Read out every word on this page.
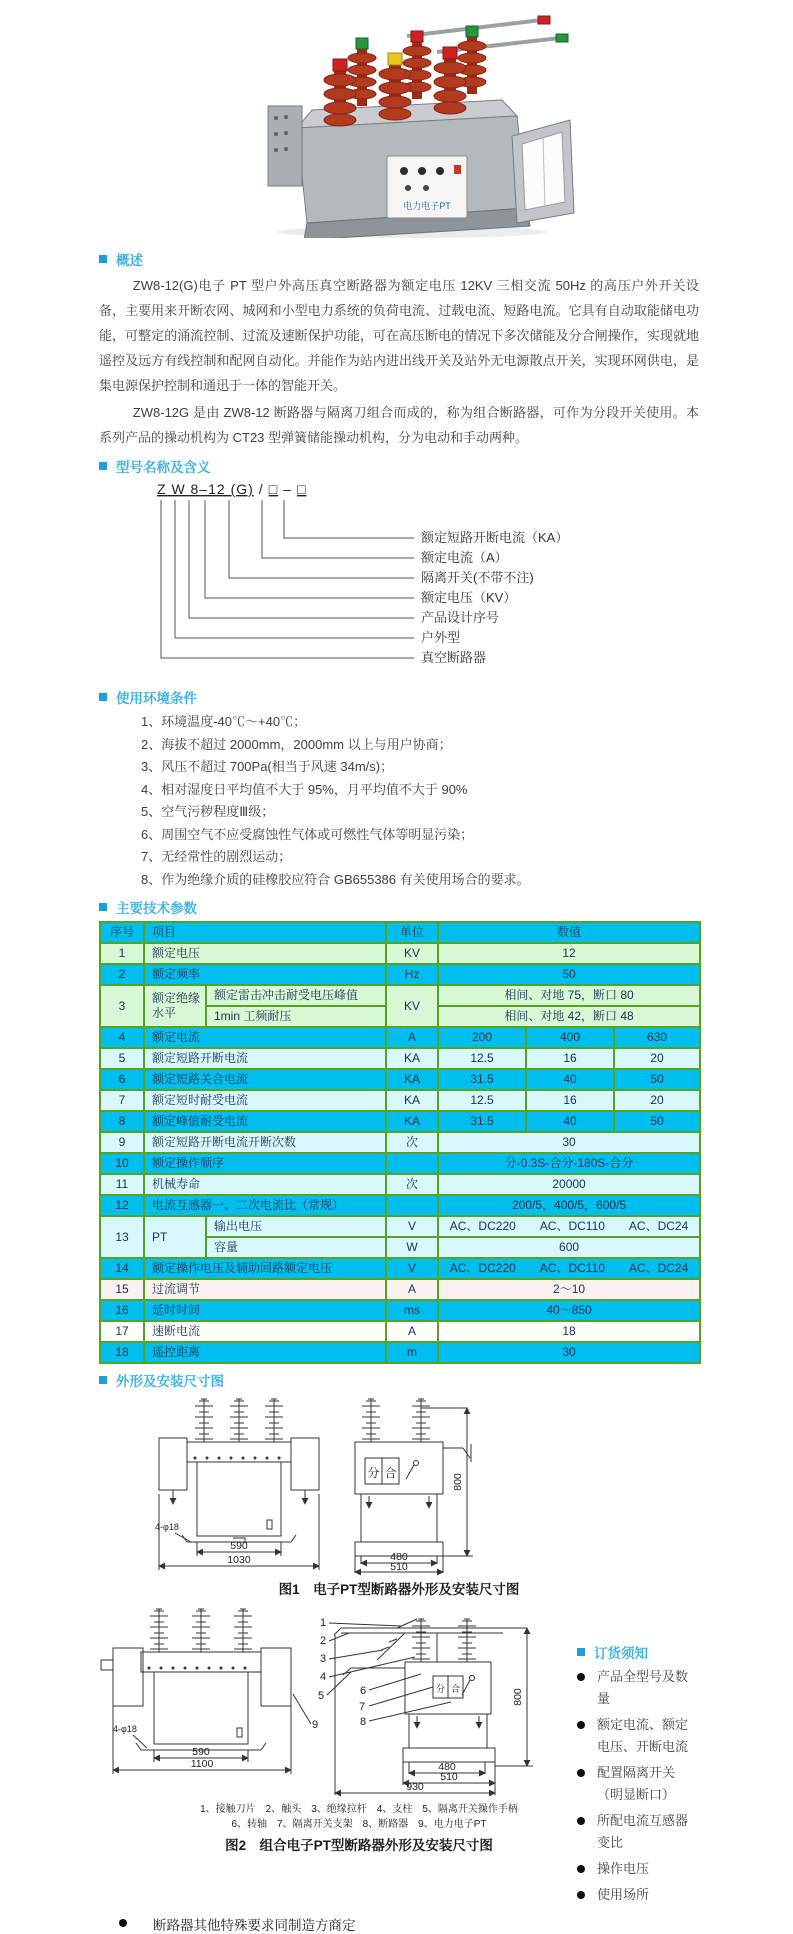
电力电子PT
概述

ZW8-12(G)电子 PT 型户外高压真空断路器为额定电压 12KV 三相交流 50Hz 的高压户外开关设备，主要用来开断农网、城网和小型电力系统的负荷电流、过载电流、短路电流。它具有自动取能储电功能，可整定的涌流控制、过流及速断保护功能，可在高压断电的情况下多次储能及分合闸操作，实现就地遥控及远方有线控制和配网自动化。并能作为站内进出线开关及站外无电源散点开关，实现环网供电，是集电源保护控制和通迅于一体的智能开关。

ZW8-12G 是由 ZW8-12 断路器与隔离刀组合而成的，称为组合断路器，可作为分段开关使用。本系列产品的操动机构为 CT23 型弹簧储能操动机构，分为电动和手动两种。

型号名称及含义
Z W 8–12 (G) / □ – □
额定短路开断电流（KA）
额定电流（A）
隔离开关(不带不注)
额定电压（KV）
产品设计序号
户外型
真空断路器
使用环境条件
1、环境温度-40℃～+40℃；
2、海拔不超过 2000mm，2000mm 以上与用户协商；
3、风压不超过 700Pa(相当于风速 34m/s)；
4、相对湿度日平均值不大于 95%，月平均值不大于 90%
5、空气污秽程度Ⅲ级；
6、周围空气不应受腐蚀性气体或可燃性气体等明显污染；
7、无经常性的剧烈运动；
8、作为绝缘介质的硅橡胶应符合 GB655386 有关使用场合的要求。
主要技术参数
序号	项目		单位	数值		
1	额定电压		KV	12		
2	额定频率		Hz	50		
3	额定绝缘水平	额定雷击冲击耐受电压峰值	KV	相间、对地 75，断口 80		
		1min 工频耐压		相间、对地 42，断口 48		
4	额定电流		A	200	400	630
5	额定短路开断电流		KA	12.5	16	20
6	额定短路关合电流		KA	31.5	40	50
7	额定短时耐受电流		KA	12.5	16	20
8	额定峰值耐受电流		KA	31.5	40	50
9	额定短路开断电流开断次数		次	30		
10	额定操作顺序			分-0.3S-合分-180S-合分		
11	机械寿命		次	20000		
12	电流互感器一、二次电流比（常规）			200/5，400/5，600/5		
13	PT	输出电压	V	AC、DC220　　AC、DC110　　AC、DC24		
		容量	W	600		
14	额定操作电压及辅助回路额定电压		V	AC、DC220　　AC、DC110　　AC、DC24		
15	过流调节		A	2～10		
16	延时时间		ms	40～850		
17	速断电流		A	18		
18	遥控距离		m	30		
外形及安装尺寸图
590
1030
4-φ18
分 合
480
510
800
图1　电子PT型断路器外形及安装尺寸图
590
1100
4-φ18
分 合
480
510
930
800
1
2
3
4
5	6
7
8
9
1、接触刀片　2、触头　3、绝缘拉杆　4、支柱　5、隔离开关操作手柄
6、转轴　7、隔离开关支架　8、断路器　9、电力电子PT
图2　组合电子PT型断路器外形及安装尺寸图
订货须知
产品全型号及数量
额定电流、额定电压、开断电流
配置隔离开关（明显断口）
所配电流互感器变比
操作电压
使用场所
断路器其他特殊要求同制造方商定
